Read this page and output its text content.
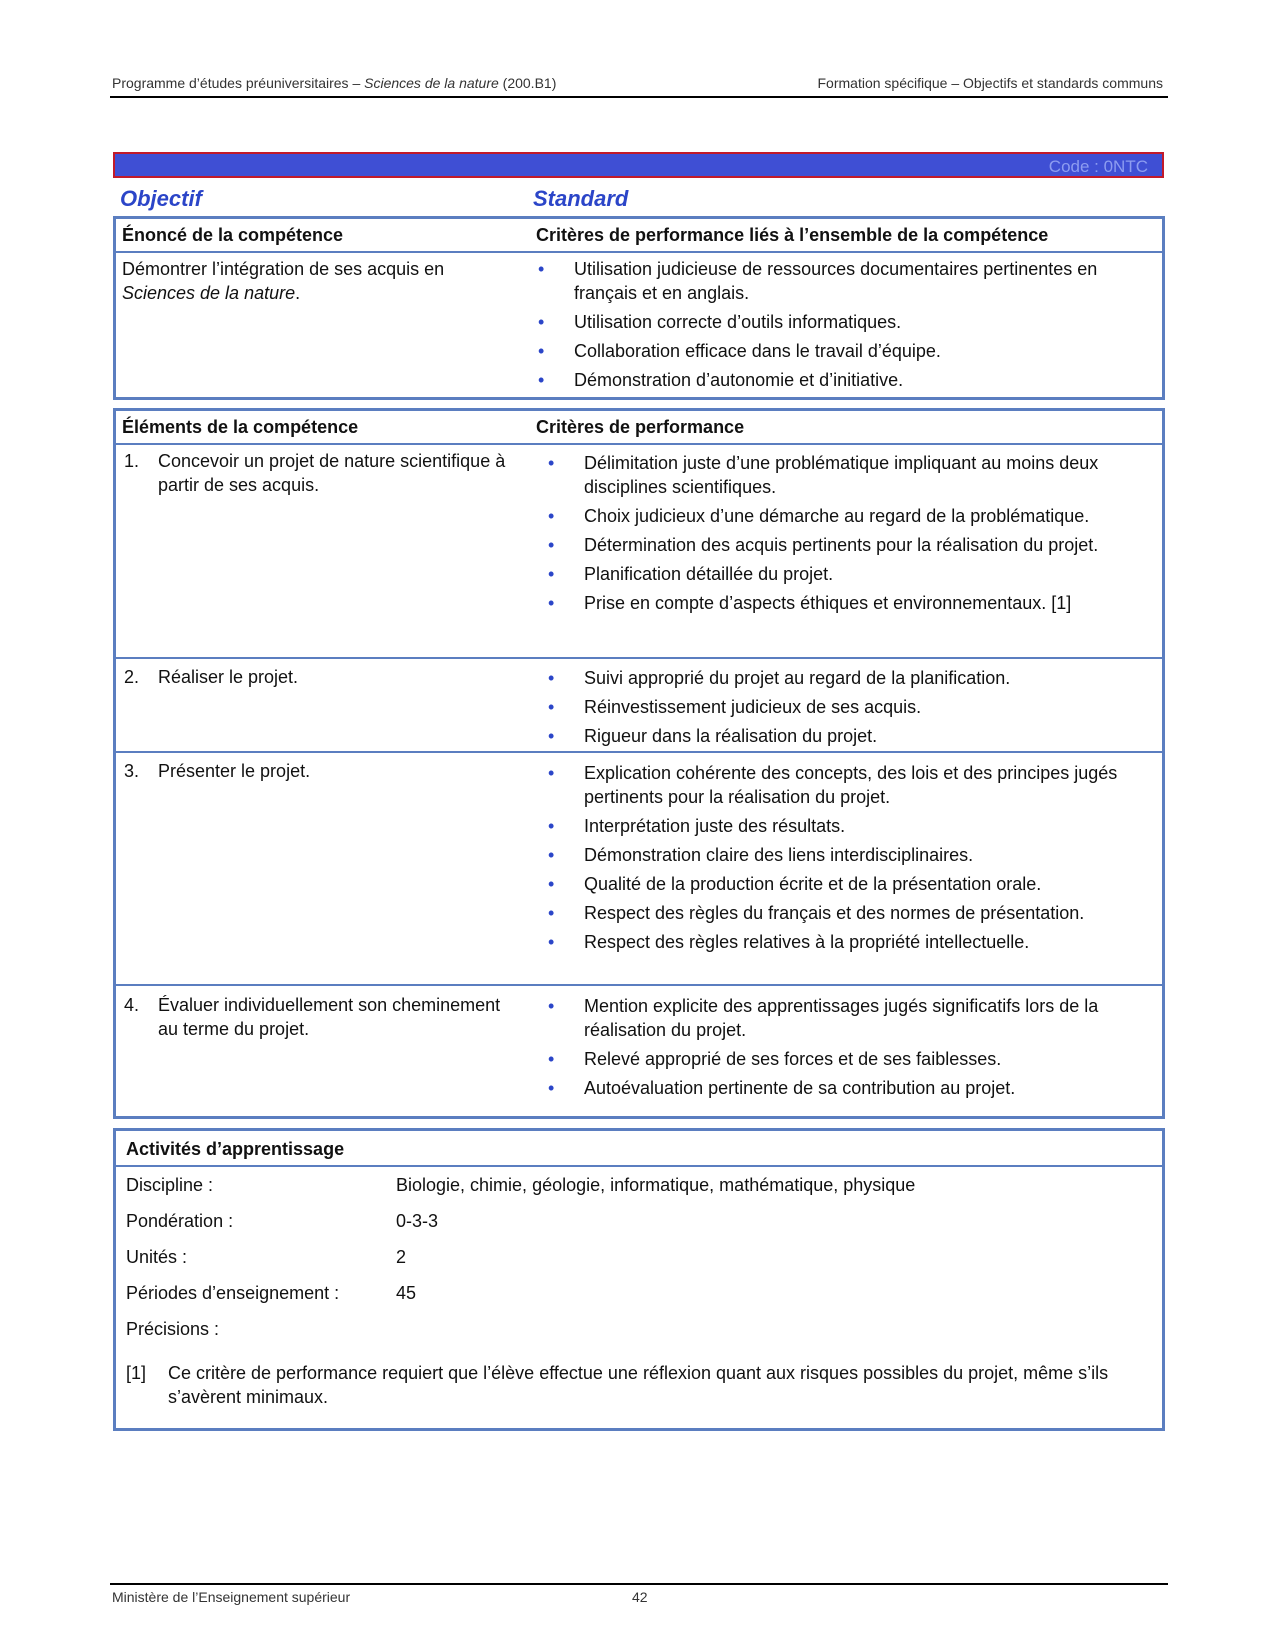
Programme d’études préuniversitaires – Sciences de la nature (200.B1)	Formation spécifique – Objectifs et standards communs
Code : 0NTC
Objectif	Standard
Énoncé de la compétence	Critères de performance liés à l’ensemble de la compétence
Démontrer l’intégration de ses acquis en Sciences de la nature.
• Utilisation judicieuse de ressources documentaires pertinentes en français et en anglais.
• Utilisation correcte d’outils informatiques.
• Collaboration efficace dans le travail d’équipe.
• Démonstration d’autonomie et d’initiative.
Éléments de la compétence	Critères de performance
1.	Concevoir un projet de nature scientifique à partir de ses acquis.
• Délimitation juste d’une problématique impliquant au moins deux disciplines scientifiques.
• Choix judicieux d’une démarche au regard de la problématique.
• Détermination des acquis pertinents pour la réalisation du projet.
• Planification détaillée du projet.
• Prise en compte d’aspects éthiques et environnementaux. [1]
2.	Réaliser le projet.	• Suivi approprié du projet au regard de la planification.
• Réinvestissement judicieux de ses acquis.
• Rigueur dans la réalisation du projet.
3.	Présenter le projet.	• Explication cohérente des concepts, des lois et des principes jugés pertinents pour la réalisation du projet.
• Interprétation juste des résultats.
• Démonstration claire des liens interdisciplinaires.
• Qualité de la production écrite et de la présentation orale.
• Respect des règles du français et des normes de présentation.
• Respect des règles relatives à la propriété intellectuelle.
4.	Évaluer individuellement son cheminement au terme du projet.
• Mention explicite des apprentissages jugés significatifs lors de la réalisation du projet.
• Relevé approprié de ses forces et de ses faiblesses.
• Autoévaluation pertinente de sa contribution au projet.
Activités d’apprentissage
Discipline :	Biologie, chimie, géologie, informatique, mathématique, physique
Pondération :	0-3-3
Unités :	2
Périodes d’enseignement :	45
Précisions :
[1]	Ce critère de performance requiert que l’élève effectue une réflexion quant aux risques possibles du projet, même s’ils s’avèrent minimaux.
Ministère de l’Enseignement supérieur	42
